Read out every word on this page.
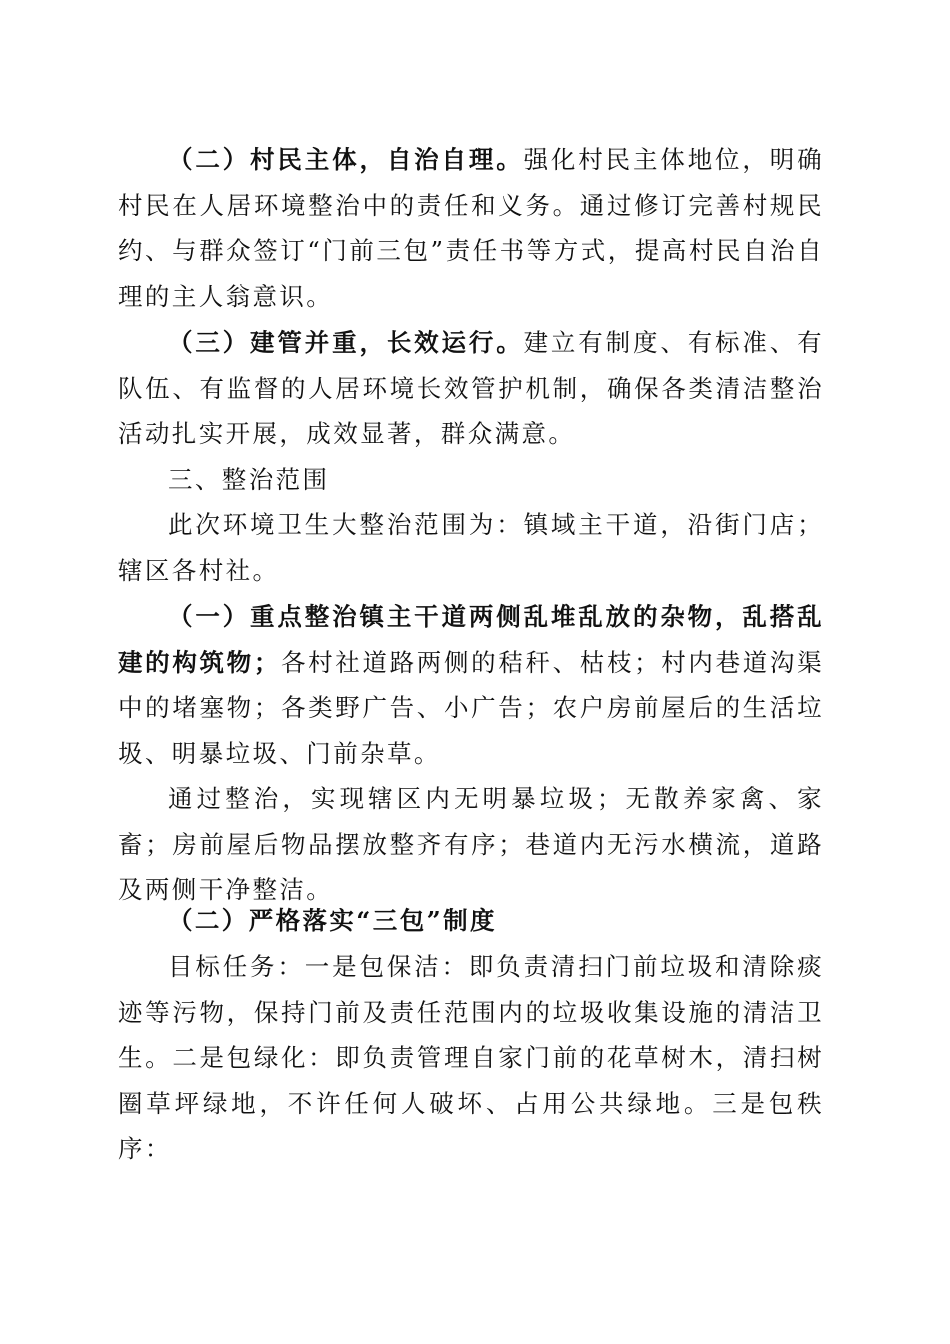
（二）村民主体，自治自理。强化村民主体地位，明确村民在人居环境整治中的责任和义务。通过修订完善村规民约、与群众签订“门前三包”责任书等方式，提高村民自治自理的主人翁意识。

（三）建管并重，长效运行。建立有制度、有标准、有队伍、有监督的人居环境长效管护机制，确保各类清洁整治活动扎实开展，成效显著，群众满意。

三、整治范围

此次环境卫生大整治范围为：镇域主干道，沿街门店；辖区各村社。

（一）重点整治镇主干道两侧乱堆乱放的杂物，乱搭乱建的构筑物；各村社道路两侧的秸秆、枯枝；村内巷道沟渠中的堵塞物；各类野广告、小广告；农户房前屋后的生活垃圾、明暴垃圾、门前杂草。

通过整治，实现辖区内无明暴垃圾；无散养家禽、家畜；房前屋后物品摆放整齐有序；巷道内无污水横流，道路及两侧干净整洁。

（二）严格落实“三包”制度

目标任务：一是包保洁：即负责清扫门前垃圾和清除痰迹等污物，保持门前及责任范围内的垃圾收集设施的清洁卫生。二是包绿化：即负责管理自家门前的花草树木，清扫树圈草坪绿地，不许任何人破坏、占用公共绿地。三是包秩序：
